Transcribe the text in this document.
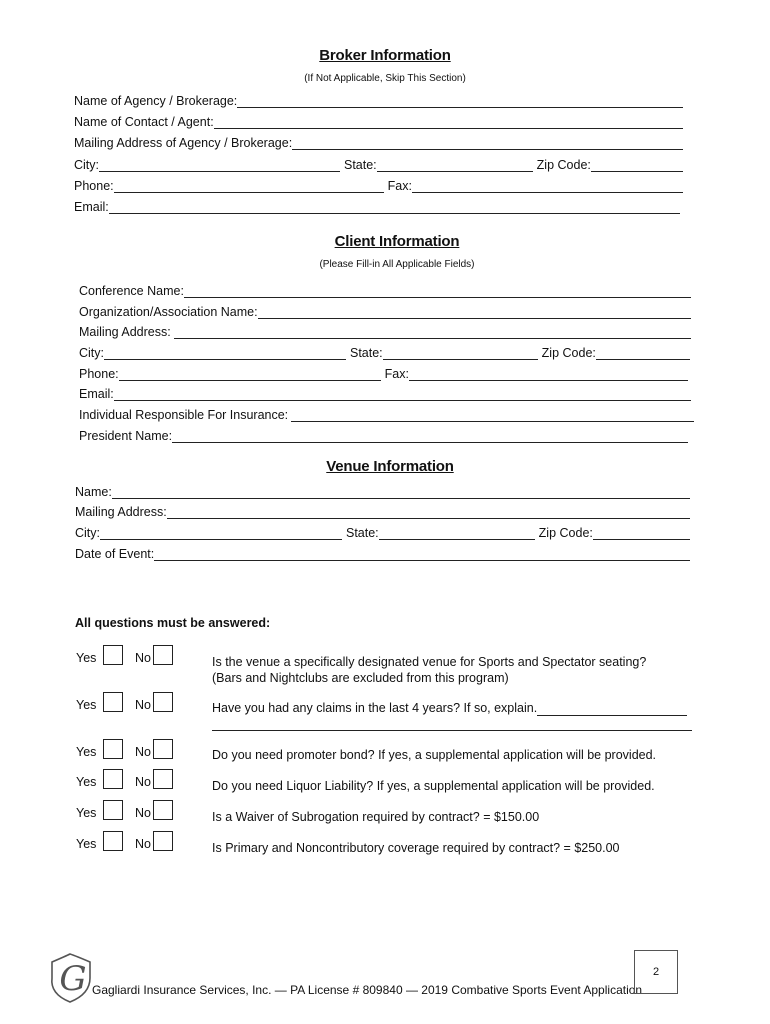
Broker Information
(If Not Applicable, Skip This Section)
Name of Agency / Brokerage:
Name of Contact / Agent:
Mailing Address of Agency / Brokerage:
City:	State:	Zip Code:
Phone:	Fax:
Email:
Client Information
(Please Fill-in All Applicable Fields)
Conference Name:
Organization/Association Name:
Mailing Address:
City:	State:	Zip Code:
Phone:	Fax:
Email:
Individual Responsible For Insurance:
President Name:
Venue Information
Name:
Mailing Address:
City:	State:	Zip Code:
Date of Event:
All questions must be answered:
Yes	No	Is the venue a specifically designated venue for Sports and Spectator seating?
(Bars and Nightclubs are excluded from this program)
Yes	No	Have you had any claims in the last 4 years? If so, explain.
Yes	No	Do you need promoter bond? If yes, a supplemental application will be provided.
Yes	No	Do you need Liquor Liability? If yes, a supplemental application will be provided.
Yes	No	Is a Waiver of Subrogation required by contract? = $150.00
Yes	No	Is Primary and Noncontributory coverage required by contract? = $250.00
G Gagliardi Insurance Services, Inc. — PA License # 809840 — 2019 Combative Sports Event Application
2
